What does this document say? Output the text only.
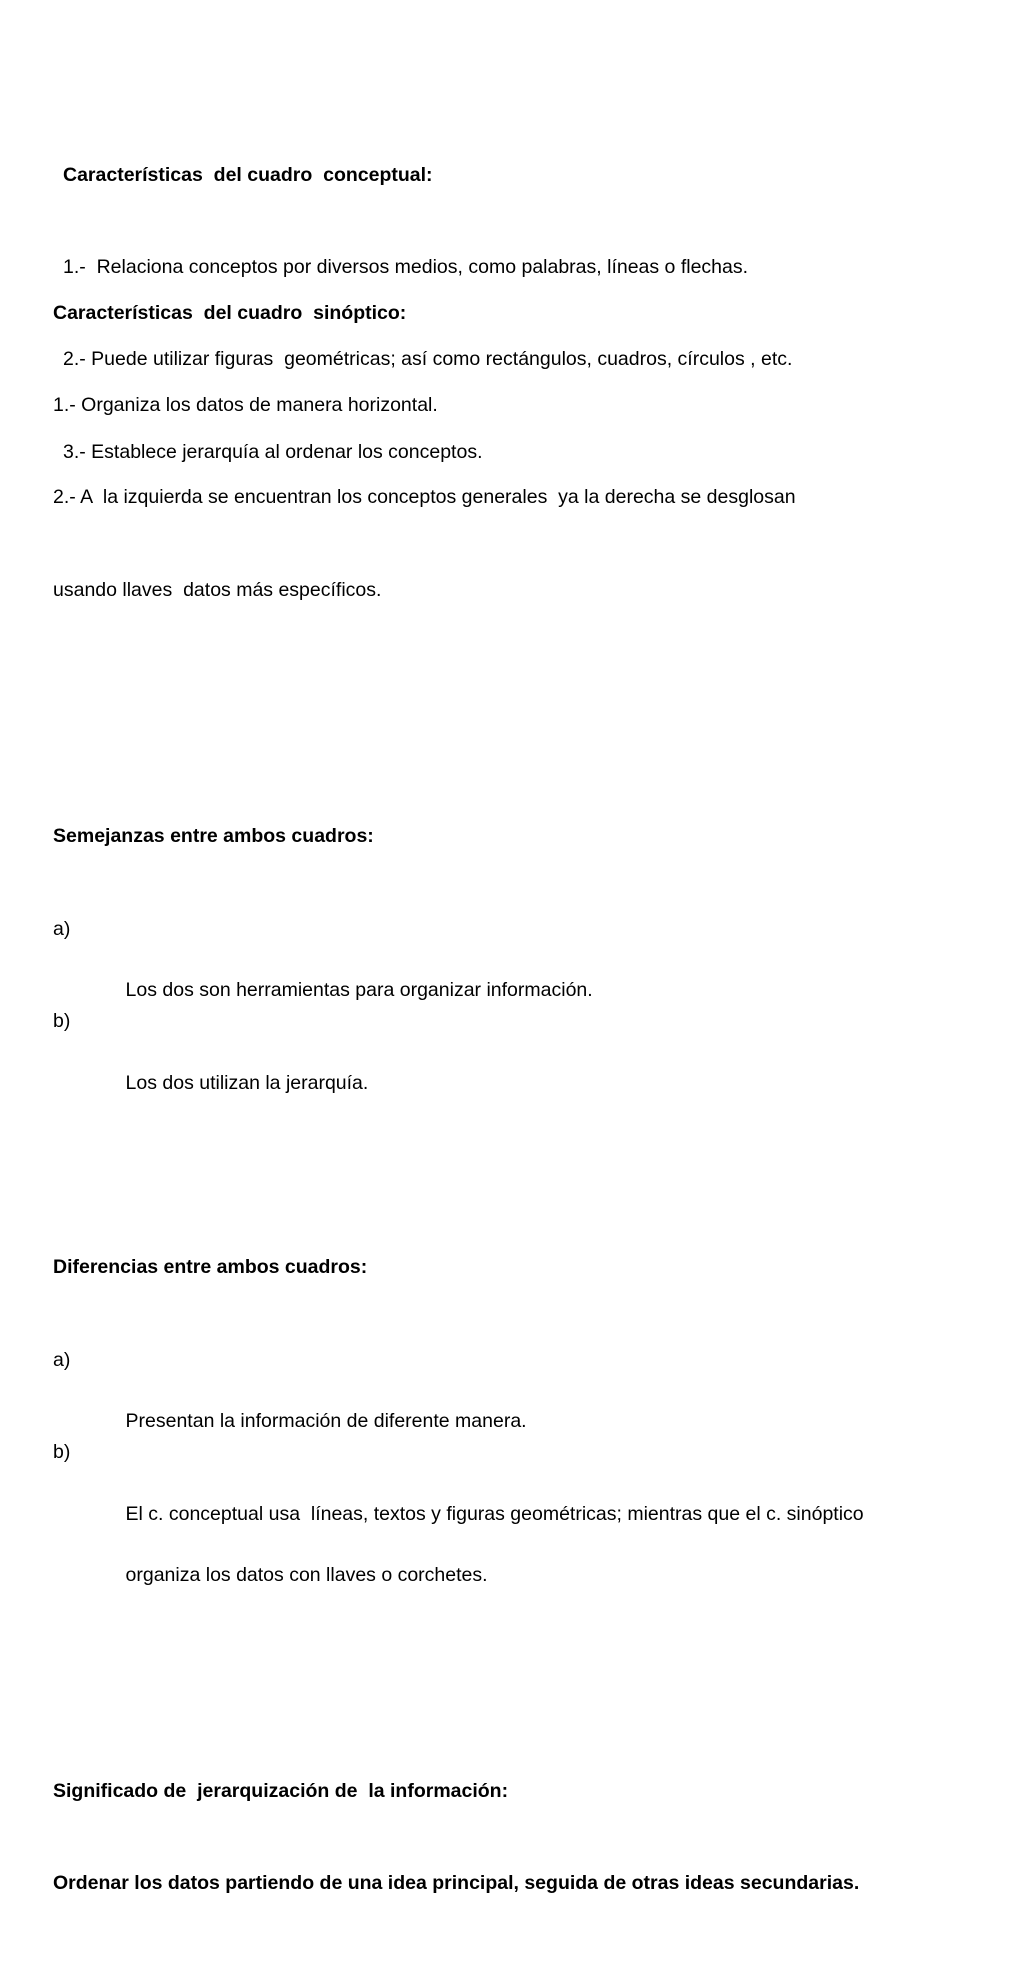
Características  del cuadro  conceptual:

1.-  Relaciona conceptos por diversos medios, como palabras, líneas o flechas.

2.- Puede utilizar figuras  geométricas; así como rectángulos, cuadros, círculos , etc.

3.- Establece jerarquía al ordenar los conceptos.

Características  del cuadro  sinóptico:

1.- Organiza los datos de manera horizontal.

2.- A  la izquierda se encuentran los conceptos generales  ya la derecha se desglosan

usando llaves  datos más específicos.

Semejanzas entre ambos cuadros:

a)

Los dos son herramientas para organizar información.

b)

Los dos utilizan la jerarquía.

Diferencias entre ambos cuadros:

a)

Presentan la información de diferente manera.

b)

El c. conceptual usa  líneas, textos y figuras geométricas; mientras que el c. sinóptico

organiza los datos con llaves o corchetes.

Significado de  jerarquización de  la información:

Ordenar los datos partiendo de una idea principal, seguida de otras ideas secundarias.
